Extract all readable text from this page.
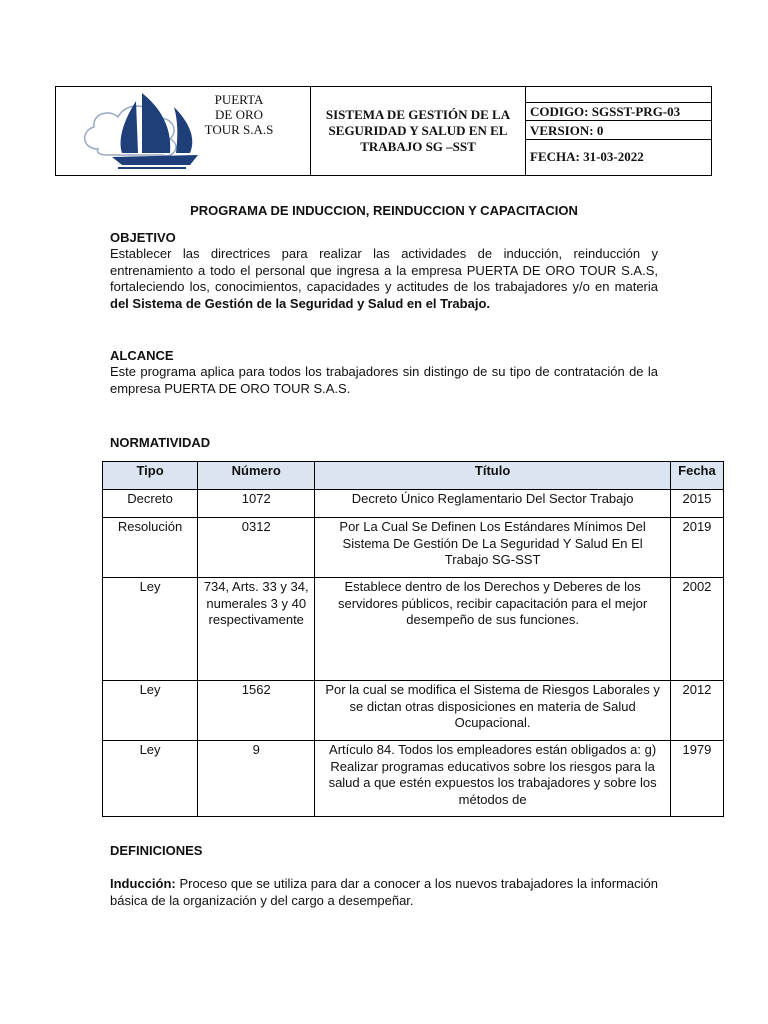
PUERTA
DE ORO
TOUR S.A.S
SISTEMA DE GESTIÓN DE LA SEGURIDAD Y SALUD EN EL TRABAJO SG –SST
CODIGO: SGSST-PRG-03
VERSION: 0
FECHA: 31-03-2022
PROGRAMA DE INDUCCION, REINDUCCION Y CAPACITACION
OBJETIVO
Establecer las directrices para realizar las actividades de inducción, reinducción y entrenamiento a todo el personal que ingresa a la empresa PUERTA DE ORO TOUR S.A.S, fortaleciendo los, conocimientos, capacidades y actitudes de los trabajadores y/o en materia del Sistema de Gestión de la Seguridad y Salud en el Trabajo.
ALCANCE
Este programa aplica para todos los trabajadores sin distingo de su tipo de contratación de la empresa PUERTA DE ORO TOUR S.A.S.
NORMATIVIDAD
Tipo	Número	Título	Fecha
Decreto	1072	Decreto Único Reglamentario Del Sector Trabajo	2015
Resolución	0312	Por La Cual Se Definen Los Estándares Mínimos Del Sistema De Gestión De La Seguridad Y Salud En El Trabajo SG-SST	2019
Ley	734, Arts. 33 y 34, numerales 3 y 40 respectivamente	Establece dentro de los Derechos y Deberes de los servidores públicos, recibir capacitación para el mejor desempeño de sus funciones.	2002
Ley	1562	Por la cual se modifica el Sistema de Riesgos Laborales y se dictan otras disposiciones en materia de Salud Ocupacional.	2012
Ley	9	Artículo 84. Todos los empleadores están obligados a: g) Realizar programas educativos sobre los riesgos para la salud a que estén expuestos los trabajadores y sobre los métodos de	1979
DEFINICIONES
Inducción: Proceso que se utiliza para dar a conocer a los nuevos trabajadores la información básica de la organización y del cargo a desempeñar.
